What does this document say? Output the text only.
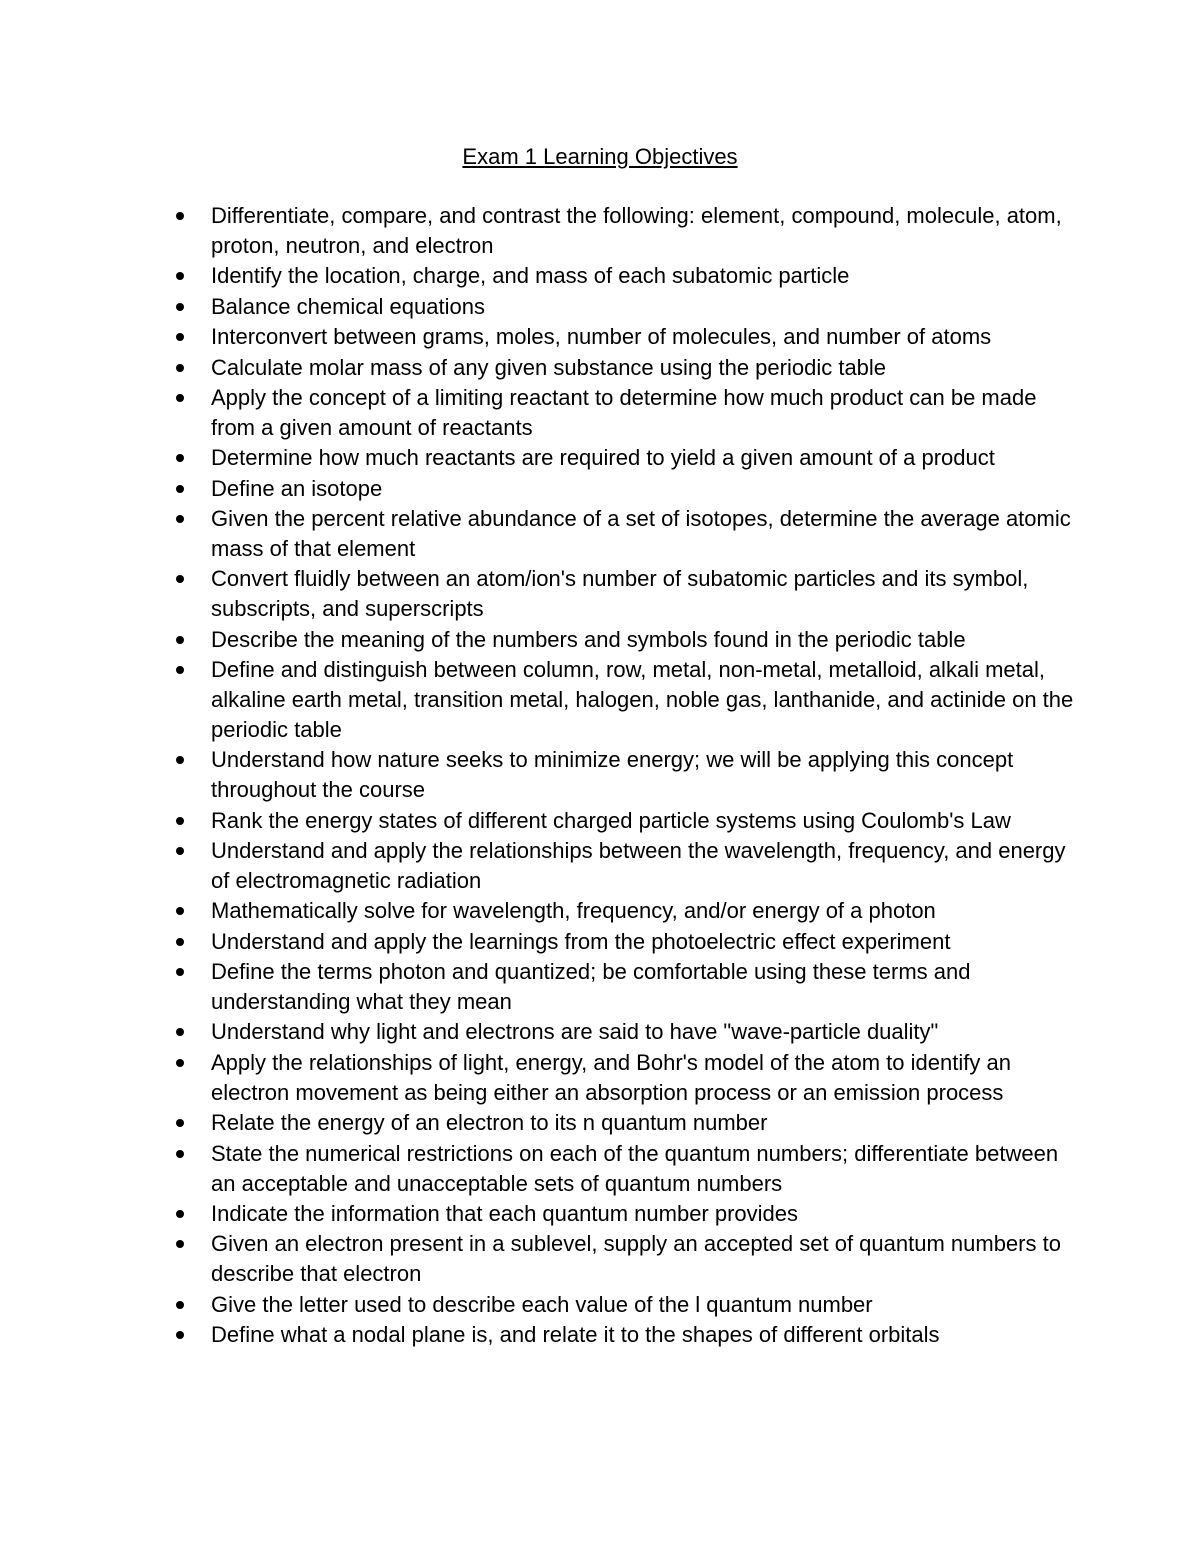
Exam 1 Learning Objectives
Differentiate, compare, and contrast the following: element, compound, molecule, atom, proton, neutron, and electron
Identify the location, charge, and mass of each subatomic particle
Balance chemical equations
Interconvert between grams, moles, number of molecules, and number of atoms
Calculate molar mass of any given substance using the periodic table
Apply the concept of a limiting reactant to determine how much product can be made from a given amount of reactants
Determine how much reactants are required to yield a given amount of a product
Define an isotope
Given the percent relative abundance of a set of isotopes, determine the average atomic mass of that element
Convert fluidly between an atom/ion's number of subatomic particles and its symbol, subscripts, and superscripts
Describe the meaning of the numbers and symbols found in the periodic table
Define and distinguish between column, row, metal, non-metal, metalloid, alkali metal, alkaline earth metal, transition metal, halogen, noble gas, lanthanide, and actinide on the periodic table
Understand how nature seeks to minimize energy; we will be applying this concept throughout the course
Rank the energy states of different charged particle systems using Coulomb's Law
Understand and apply the relationships between the wavelength, frequency, and energy of electromagnetic radiation
Mathematically solve for wavelength, frequency, and/or energy of a photon
Understand and apply the learnings from the photoelectric effect experiment
Define the terms photon and quantized; be comfortable using these terms and understanding what they mean
Understand why light and electrons are said to have "wave-particle duality"
Apply the relationships of light, energy, and Bohr's model of the atom to identify an electron movement as being either an absorption process or an emission process
Relate the energy of an electron to its n quantum number
State the numerical restrictions on each of the quantum numbers; differentiate between an acceptable and unacceptable sets of quantum numbers
Indicate the information that each quantum number provides
Given an electron present in a sublevel, supply an accepted set of quantum numbers to describe that electron
Give the letter used to describe each value of the l quantum number
Define what a nodal plane is, and relate it to the shapes of different orbitals
